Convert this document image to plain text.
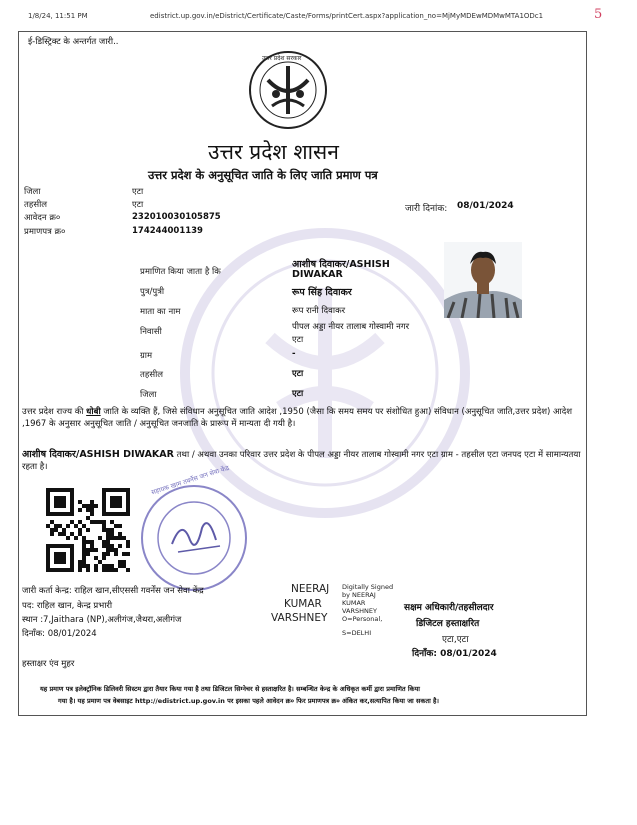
1/8/24, 11:51 PM	edistrict.up.gov.in/eDistrict/Certificate/Caste/Forms/printCert.aspx?application_no=MjMyMDEwMDMwMTA1ODc1	5
ई-डिस्ट्रिक्ट के अन्तर्गत जारी..
उत्तर प्रदेश सरकार
उत्तर प्रदेश शासन
उत्तर प्रदेश के अनुसूचित जाति के लिए जाति प्रमाण पत्र
जिला	एटा
तहसील	एटा
आवेदन क्र०	232010030105875
प्रमाणपत्र क्र०	174244001139
जारी दिनांक: 08/01/2024
प्रमाणित किया जाता है कि
आशीष दिवाकर/ASHISH
DIWAKAR
पुत्र/पुत्री	रूप सिंह दिवाकर
माता का नाम	रूप रानी दिवाकर
निवासी	पीपल अड्डा नीयर तालाब गोस्वामी नगर
एटा
ग्राम	-
तहसील	एटा
जिला	एटा
उत्तर प्रदेश राज्य की धोबी जाति के व्यक्ति हैं, जिसे संविधान अनुसूचित जाति आदेश ,1950 (जैसा कि समय समय पर संशोधित हुआ) संविधान (अनुसूचित जाति,उत्तर प्रदेश) आदेश ,1967 के अनुसार अनुसूचित जाति / अनुसूचित जनजाति के प्रारूप में मान्यता दी गयी है।
आशीष दिवाकर/ASHISH DIWAKAR तथा / अथवा उनका परिवार उत्तर प्रदेश के पीपल अड्डा नीयर तालाब गोस्वामी नगर एटा ग्राम - तहसील एटा जनपद एटा में सामान्यतया रहता है।	सहायक खाम तवर्नेस जन सेवा केंद्र
जारी कर्ता केन्द्र: राहिल खान,सीएससी गवर्नेंस जन सेवा केंद्र
पद: राहिल खान, केन्द्र प्रभारी
स्थान :7,Jaithara (NP),अलीगंज,जैथरा,अलीगंज
दिनाँक: 08/01/2024
NEERAJ
KUMAR
VARSHNEY
Digitally Signed
by NEERAJ
KUMAR
VARSHNEY
O=Personal,
S=DELHI
सक्षम अधिकारी/तहसीलदार
डिजिटल हस्ताक्षरित
एटा,एटा
दिनाँक: 08/01/2024
हस्ताक्षर एंव मुहर
यह प्रमाण पत्र इलेक्ट्रॉनिक डिलिवरी सिस्टम द्वारा तैयार किया गया है तथा डिजिटल सिग्नेचर से हस्ताक्षरित है। सम्बन्धित केन्द्र के अधिकृत कर्मी द्वारा प्रमाणित किया
गया है। यह प्रमाण पत्र वेबसाइट http://edistrict.up.gov.in पर इसका पहले आवेदन क्र० फिर प्रमाणपत्र क्र० अंकित कर,सत्यापित किया जा सकता है।
